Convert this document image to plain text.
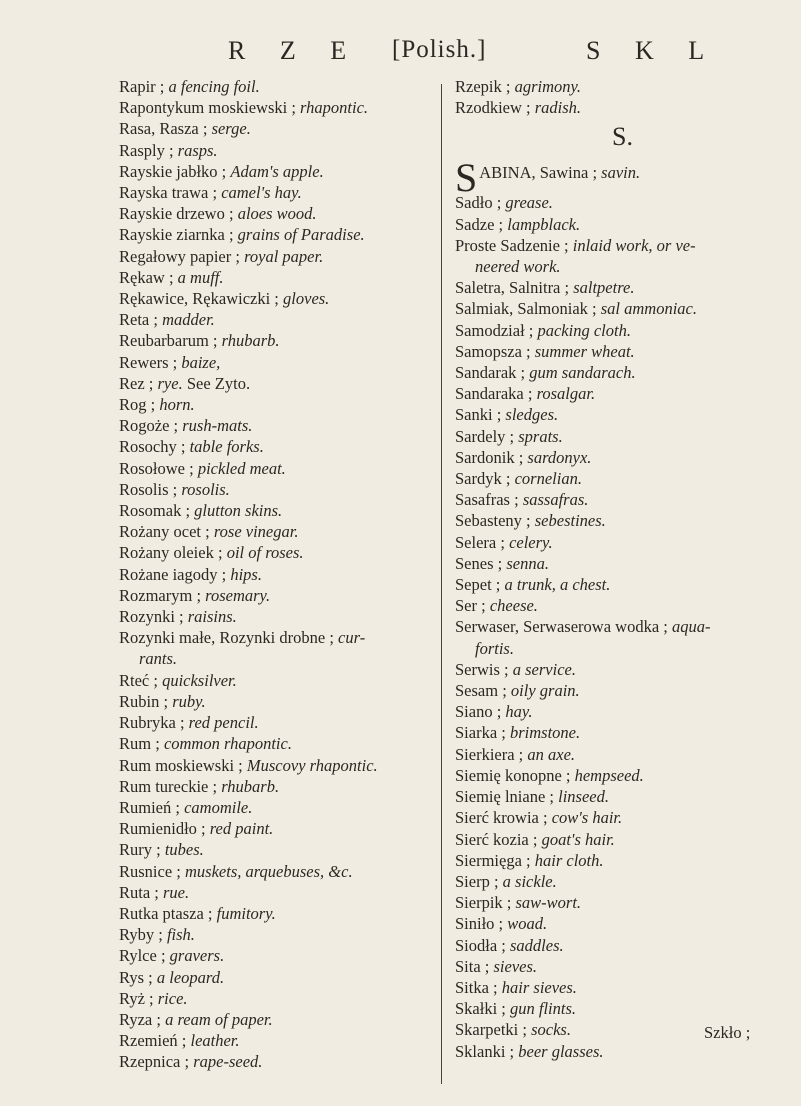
R Z E [Polish.]	S K L

Rapir ; a fencing foil.

Rapontykum moskiewski ; rhapontic.

Rasa, Rasza ; serge.

Rasply ; rasps.

Rayskie jabłko ; Adam's apple.

Rayska trawa ; camel's hay.

Rayskie drzewo ; aloes wood.

Rayskie ziarnka ; grains of Paradise.

Regałowy papier ; royal paper.

Rękaw ; a muff.

Rękawice, Rękawiczki ; gloves.

Reta ; madder.

Reubarbarum ; rhubarb.

Rewers ; baize,

Rez ; rye. See Zyto.

Rog ; horn.

Rogoże ; rush-mats.

Rosochy ; table forks.

Rosołowe ; pickled meat.

Rosolis ; rosolis.

Rosomak ; glutton skins.

Rożany ocet ; rose vinegar.

Rożany oleiek ; oil of roses.

Rożane iagody ; hips.

Rozmarym ; rosemary.

Rozynki ; raisins.

Rozynki małe, Rozynki drobne ; cur-
rants.

Rteć ; quicksilver.

Rubin ; ruby.

Rubryka ; red pencil.

Rum ; common rhapontic.

Rum moskiewski ; Muscovy rhapontic.

Rum tureckie ; rhubarb.

Rumień ; camomile.

Rumienidło ; red paint.

Rury ; tubes.

Rusnice ; muskets, arquebuses, &c.

Ruta ; rue.

Rutka ptasza ; fumitory.

Ryby ; fish.

Rylce ; gravers.

Rys ; a leopard.

Ryż ; rice.

Ryza ; a ream of paper.

Rzemień ; leather.

Rzepnica ; rape-seed.

Rzepik ; agrimony.

Rzodkiew ; radish.

S.

SABINA, Sawina ; savin.

Sadło ; grease.

Sadze ; lampblack.

Proste Sadzenie ; inlaid work, or ve-
neered work.

Saletra, Salnitra ; saltpetre.

Salmiak, Salmoniak ; sal ammoniac.

Samodział ; packing cloth.

Samopsza ; summer wheat.

Sandarak ; gum sandarach.

Sandaraka ; rosalgar.

Sanki ; sledges.

Sardely ; sprats.

Sardonik ; sardonyx.

Sardyk ; cornelian.

Sasafras ; sassafras.

Sebasteny ; sebestines.

Selera ; celery.

Senes ; senna.

Sepet ; a trunk, a chest.

Ser ; cheese.

Serwaser, Serwaserowa wodka ; aqua-
fortis.

Serwis ; a service.

Sesam ; oily grain.

Siano ; hay.

Siarka ; brimstone.

Sierkiera ; an axe.

Siemię konopne ; hempseed.

Siemię lniane ; linseed.

Sierć krowia ; cow's hair.

Sierć kozia ; goat's hair.

Siermięga ; hair cloth.

Sierp ; a sickle.

Sierpik ; saw-wort.

Siniło ; woad.

Siodła ; saddles.

Sita ; sieves.

Sitka ; hair sieves.

Skałki ; gun flints.

Skarpetki ; socks.

Sklanki ; beer glasses.

Szkło ;
